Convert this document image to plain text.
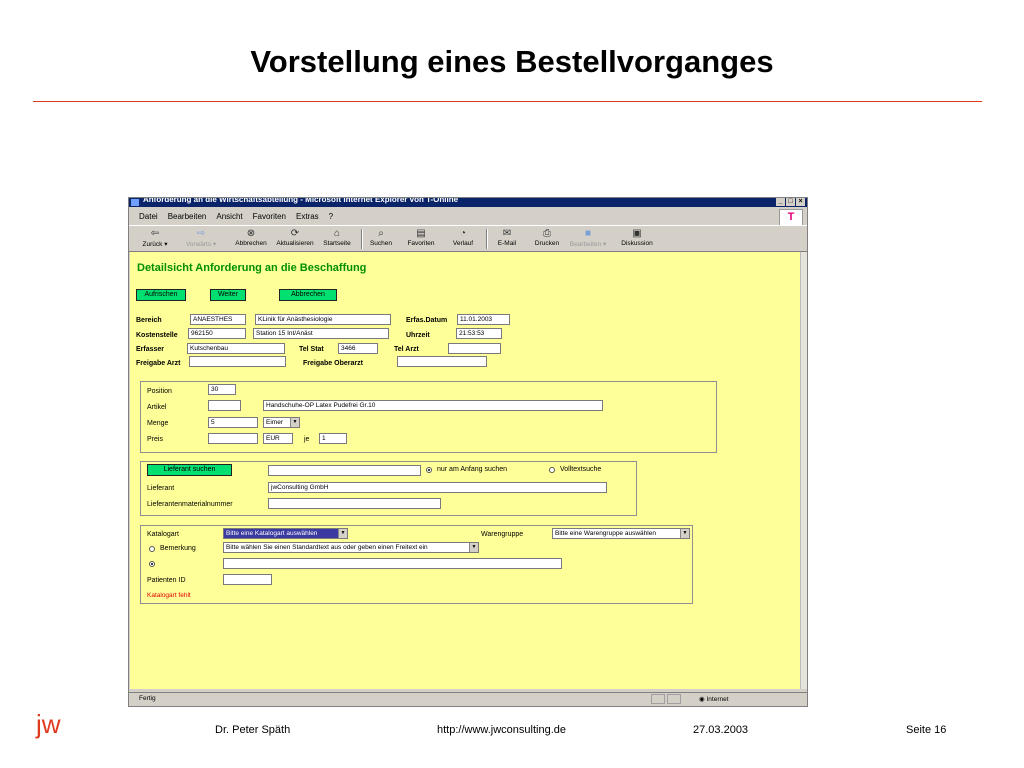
Vorstellung eines Bestellvorganges
Anforderung an die Wirtschaftsabteilung - Microsoft Internet Explorer von T-Online	_ □ ×
Datei Bearbeiten Ansicht Favoriten Extras ?	T
⇦
Zurück ▾
⇨
Vorwärts ▾
⊗
Abbrechen
⟳
Aktualisieren
⌂
Startseite
⌕
Suchen
▤
Favoriten
◔
Verlauf
✉
E-Mail
⎙
Drucken
■
Bearbeiten ▾
▣
Diskussion
Detailsicht Anforderung an die Beschaffung
Aufrischen	Weiter	Abbrechen
Bereich	ANAESTHES	KLinik für Anästhesiologie	Erfas.Datum	11.01.2003
Kostenstelle	962150	Station 15 Int/Anäst	Uhrzeit	21:53:53
Erfasser	Kutschenbau	Tel Stat	3466	Tel Arzt
Freigabe Arzt	Freigabe Oberarzt
Position	30
Artikel	Handschuhe-OP Latex Pudefrei Gr.10
Menge	5	Eimer	▼
Preis	EUR	je	1
Lieferant suchen	nur am Anfang suchen	Volltextsuche
Lieferant	jwConsulting GmbH
Lieferantenmaterialnummer
Katalogart	Bitte eine Katalogart auswählen	▼	Warengruppe	Bitte eine Warengruppe auswählen	▼
Bemerkung	Bitte wählen Sie einen Standardtext aus oder geben einen Freitext ein	▼
Patienten ID
Katalogart fehlt
Fertig	◉ Internet
jw	Dr. Peter Späth	http://www.jwconsulting.de	27.03.2003	Seite 16
